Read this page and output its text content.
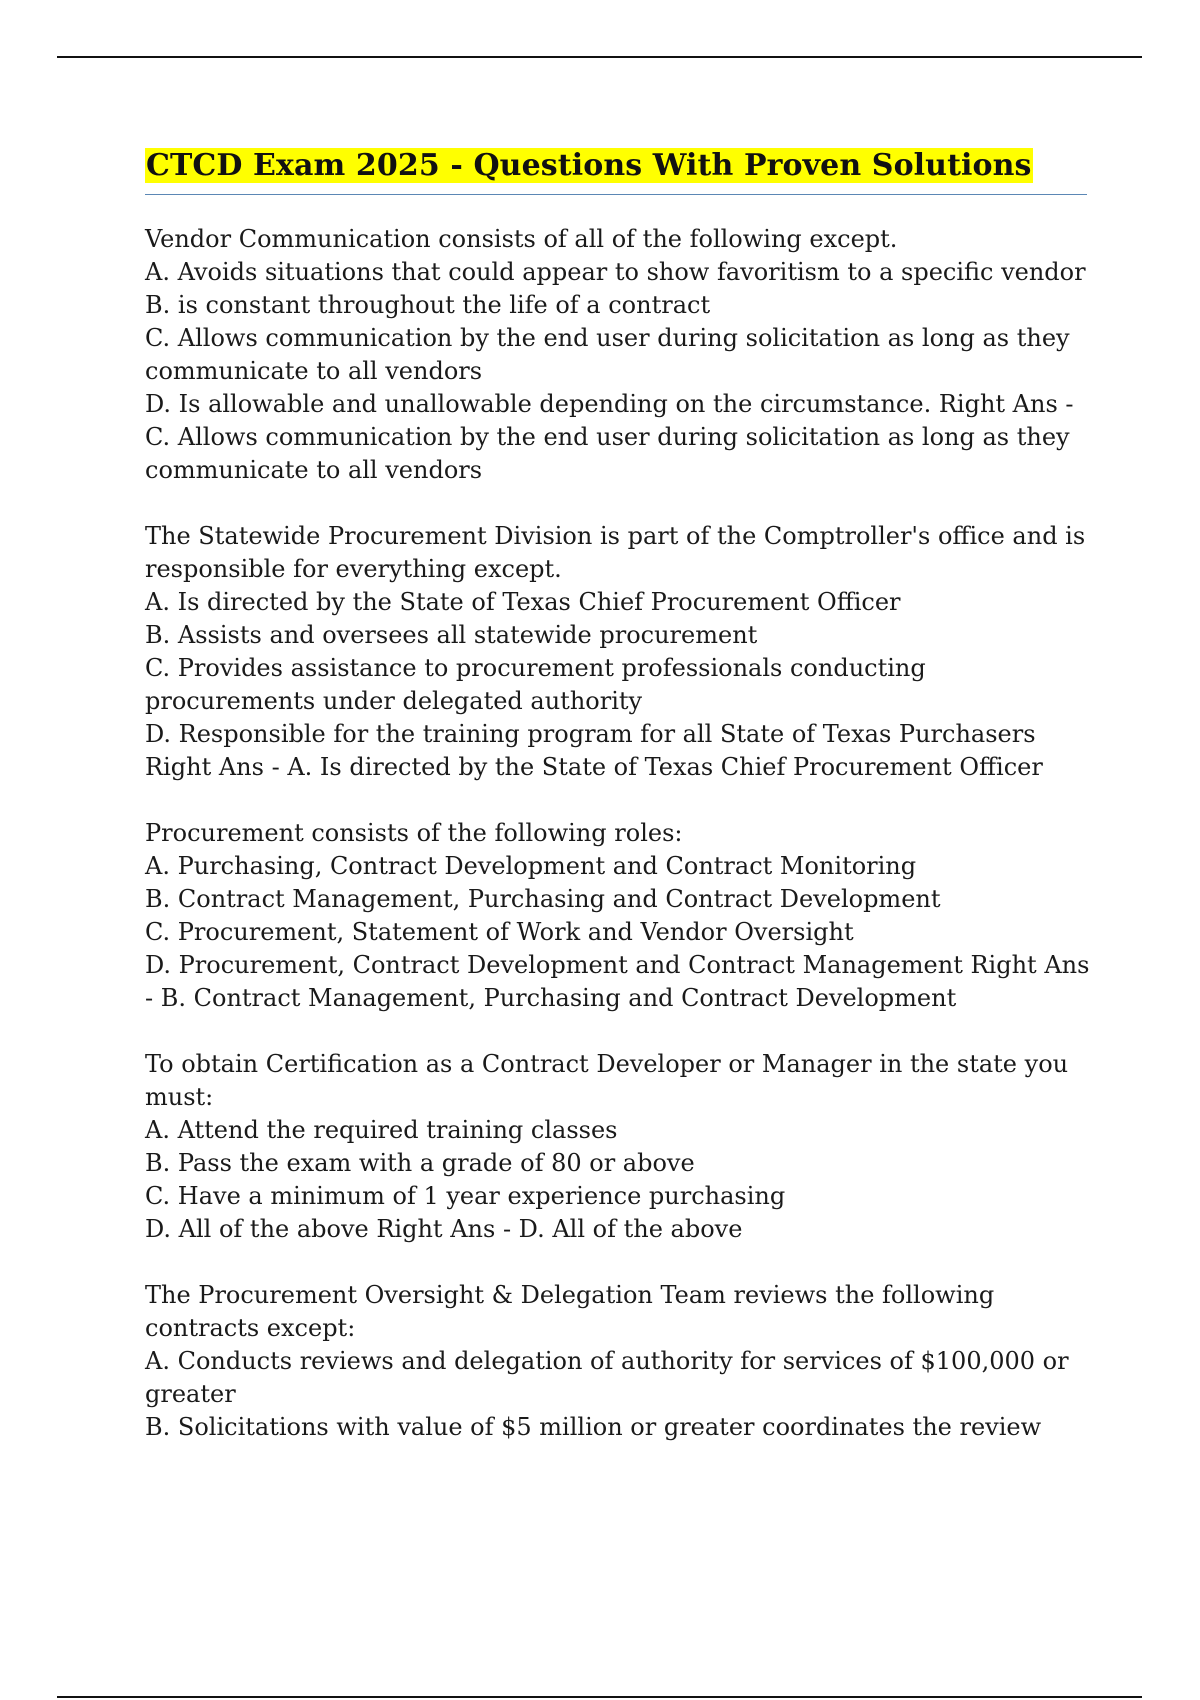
CTCD Exam 2025 - Questions With Proven Solutions

Vendor Communication consists of all of the following except.

A. Avoids situations that could appear to show favoritism to a specific vendor

B. is constant throughout the life of a contract

C. Allows communication by the end user during solicitation as long as they communicate to all vendors

D. Is allowable and unallowable depending on the circumstance. Right Ans - C. Allows communication by the end user during solicitation as long as they communicate to all vendors

The Statewide Procurement Division is part of the Comptroller's office and is responsible for everything except.

A. Is directed by the State of Texas Chief Procurement Officer

B. Assists and oversees all statewide procurement

C. Provides assistance to procurement professionals conducting procurements under delegated authority

D. Responsible for the training program for all State of Texas Purchasers

Right Ans - A. Is directed by the State of Texas Chief Procurement Officer

Procurement consists of the following roles:

A. Purchasing, Contract Development and Contract Monitoring

B. Contract Management, Purchasing and Contract Development

C. Procurement, Statement of Work and Vendor Oversight

D. Procurement, Contract Development and Contract Management Right Ans - B. Contract Management, Purchasing and Contract Development

To obtain Certification as a Contract Developer or Manager in the state you must:

A. Attend the required training classes

B. Pass the exam with a grade of 80 or above

C. Have a minimum of 1 year experience purchasing

D. All of the above Right Ans - D. All of the above

The Procurement Oversight & Delegation Team reviews the following contracts except:

A. Conducts reviews and delegation of authority for services of $100,000 or greater

B. Solicitations with value of $5 million or greater coordinates the review
